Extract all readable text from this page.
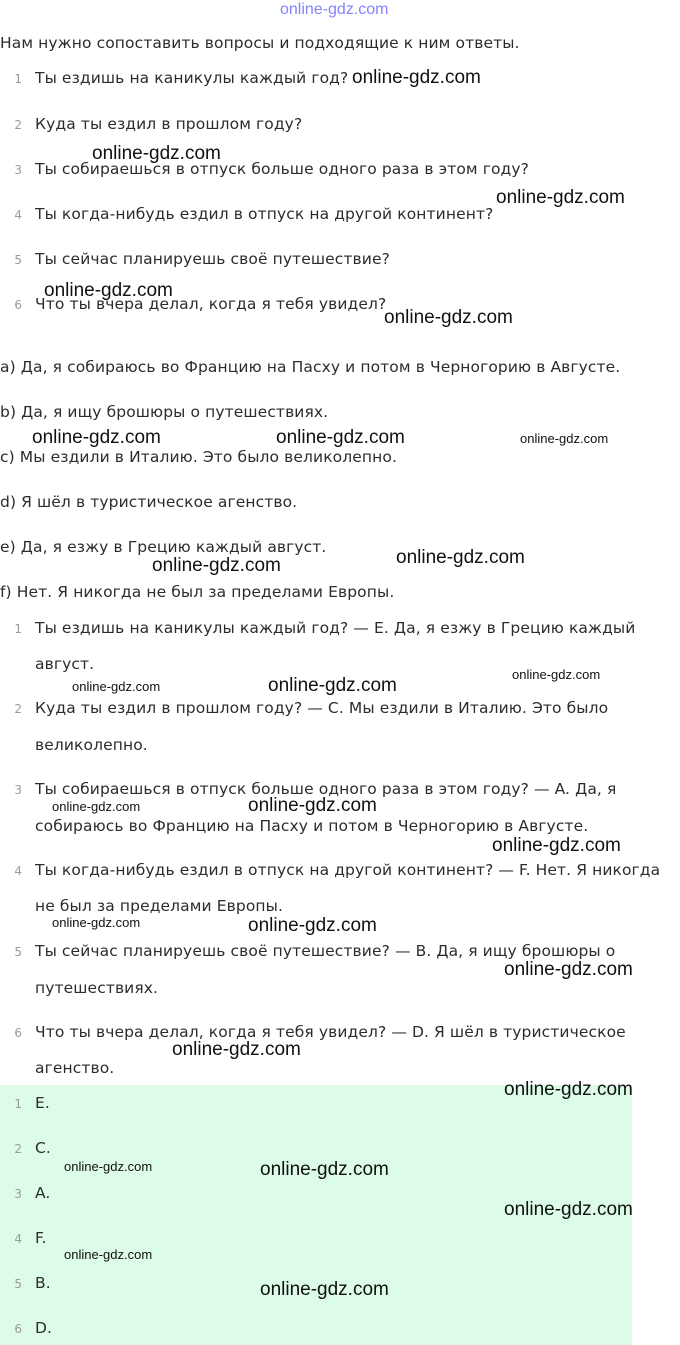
online-gdz.com
Нам нужно сопоставить вопросы и подходящие к ним ответы.
1 Ты ездишь на каникулы каждый год?
2 Куда ты ездил в прошлом году?
3 Ты собираешься в отпуск больше одного раза в этом году?
4 Ты когда-нибудь ездил в отпуск на другой континент?
5 Ты сейчас планируешь своё путешествие?
6 Что ты вчера делал, когда я тебя увидел?
a) Да, я собираюсь во Францию на Пасху и потом в Черногорию в Августе.
b) Да, я ищу брошюры о путешествиях.
c) Мы ездили в Италию. Это было великолепно.
d) Я шёл в туристическое агенство.
e) Да, я езжу в Грецию каждый август.
f) Нет. Я никогда не был за пределами Европы.
1 Ты ездишь на каникулы каждый год? — E. Да, я езжу в Грецию каждый
август.
2 Куда ты ездил в прошлом году? — C. Мы ездили в Италию. Это было
великолепно.
3 Ты собираешься в отпуск больше одного раза в этом году? — A. Да, я
собираюсь во Францию на Пасху и потом в Черногорию в Августе.
4 Ты когда-нибудь ездил в отпуск на другой континент? — F. Нет. Я никогда
не был за пределами Европы.
5 Ты сейчас планируешь своё путешествие? — B. Да, я ищу брошюры о
путешествиях.
6 Что ты вчера делал, когда я тебя увидел? — D. Я шёл в туристическое
агенство.
1 E.
2 C.
3 A.
4 F.
5 B.
6 D.
online-gdz.com
online-gdz.com
online-gdz.com
online-gdz.com
online-gdz.com
online-gdz.com	online-gdz.com	online-gdz.com
online-gdz.com
online-gdz.com
online-gdz.com
online-gdz.com	online-gdz.com
online-gdz.com	online-gdz.com
online-gdz.com
online-gdz.com	online-gdz.com
online-gdz.com
online-gdz.com
online-gdz.com
online-gdz.com	online-gdz.com
online-gdz.com
online-gdz.com
online-gdz.com
